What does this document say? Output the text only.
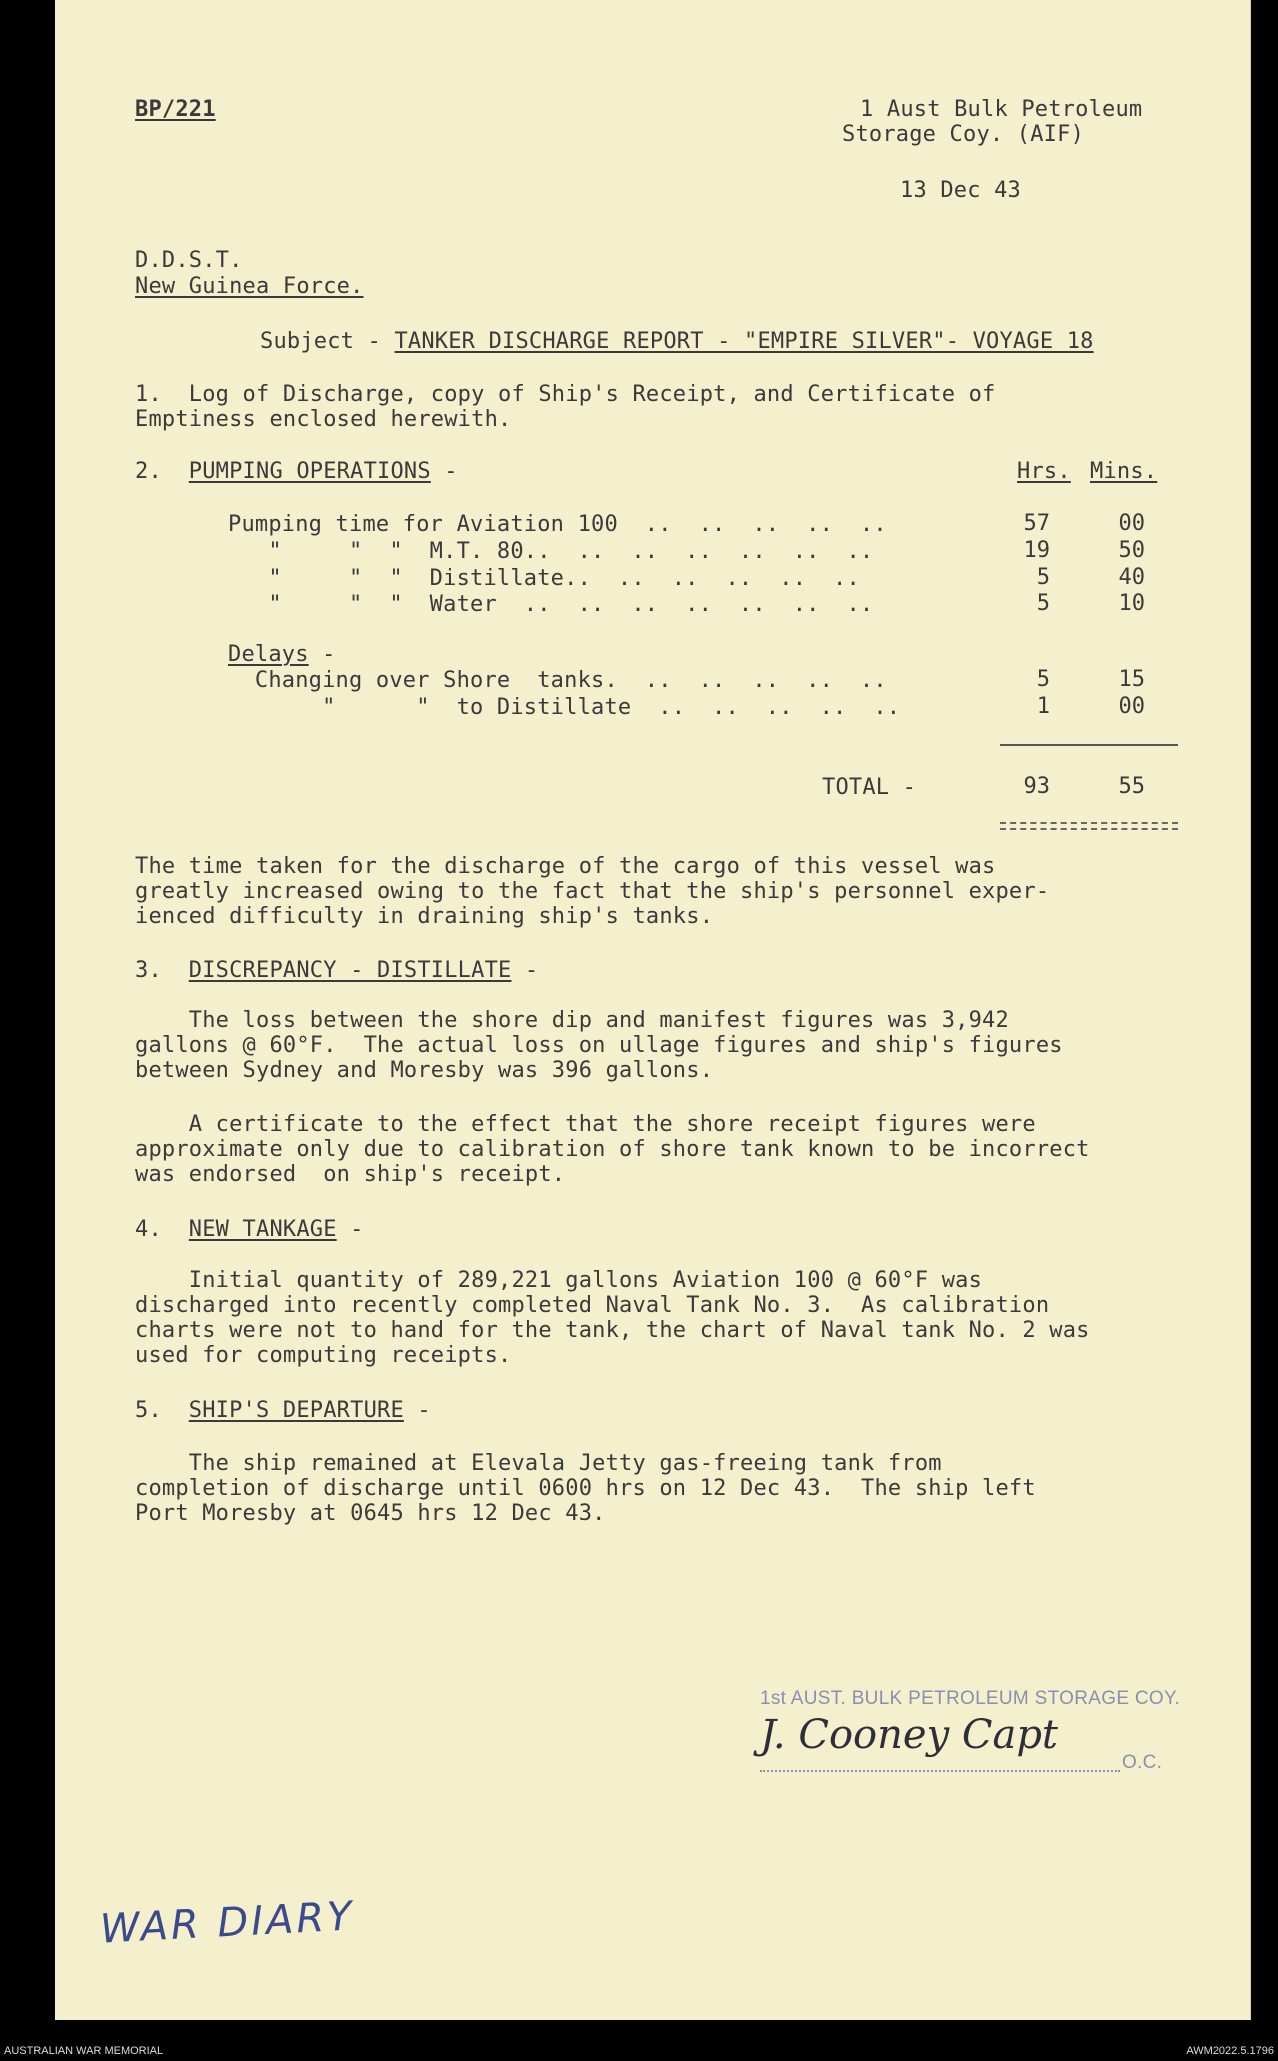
BP/221	1 Aust Bulk Petroleum
Storage Coy. (AIF)
13 Dec 43
D.D.S.T.
New Guinea Force.
Subject - TANKER DISCHARGE REPORT - "EMPIRE SILVER"- VOYAGE 18
1.  Log of Discharge, copy of Ship's Receipt, and Certificate of
Emptiness enclosed herewith.
2. PUMPING OPERATIONS -	Hrs. Mins.
Pumping time for Aviation 100  ..  ..  ..  ..  ..	57	00
"     "  "  M.T. 80..  ..  ..  ..  ..  ..  ..	19	50
"     "  "  Distillate..  ..  ..  ..  ..  ..	5	40
"     "  "  Water  ..  ..  ..  ..  ..  ..  ..	5	10
Delays -
Changing over Shore  tanks.  ..  ..  ..  ..  ..	5	15
"      "  to Distillate  ..  ..  ..  ..  ..	1	00
TOTAL -	93	55
The time taken for the discharge of the cargo of this vessel was
greatly increased owing to the fact that the ship's personnel exper-
ienced difficulty in draining ship's tanks.
3. DISCREPANCY - DISTILLATE -
The loss between the shore dip and manifest figures was 3,942
gallons @ 60°F.  The actual loss on ullage figures and ship's figures
between Sydney and Moresby was 396 gallons.
A certificate to the effect that the shore receipt figures were
approximate only due to calibration of shore tank known to be incorrect
was endorsed  on ship's receipt.
4. NEW TANKAGE -
Initial quantity of 289,221 gallons Aviation 100 @ 60°F was
discharged into recently completed Naval Tank No. 3.  As calibration
charts were not to hand for the tank, the chart of Naval tank No. 2 was
used for computing receipts.
5. SHIP'S DEPARTURE -
The ship remained at Elevala Jetty gas-freeing tank from
completion of discharge until 0600 hrs on 12 Dec 43.  The ship left
Port Moresby at 0645 hrs 12 Dec 43.
1st AUST. BULK PETROLEUM STORAGE COY.
O.C.
J. Cooney Capt
WAR DIARY
AUSTRALIAN WAR MEMORIAL	AWM2022.5.1796
